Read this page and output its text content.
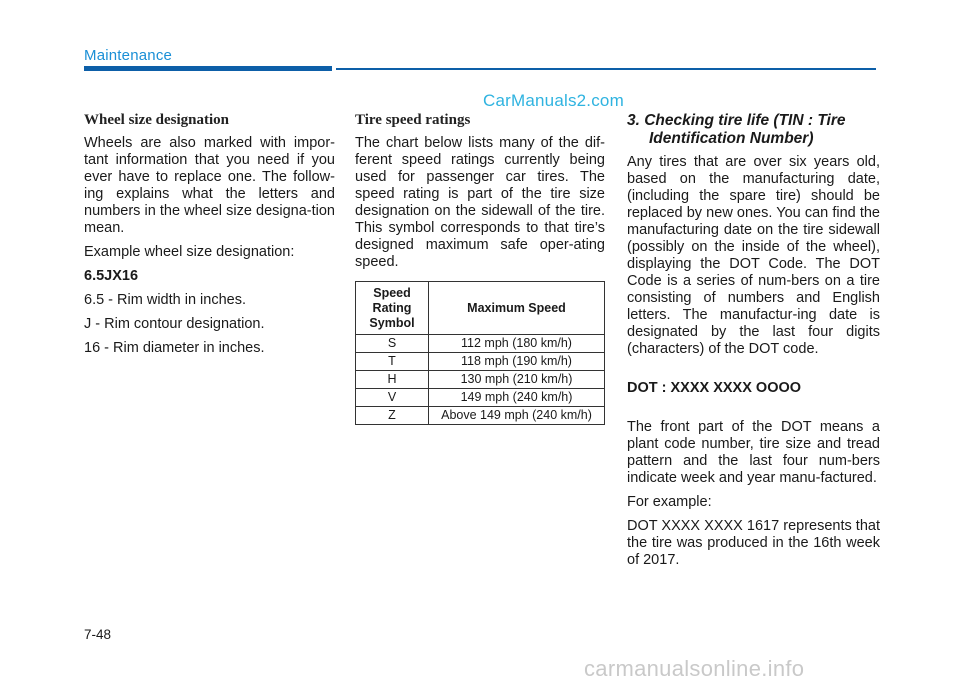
Maintenance
CarManuals2.com
Wheel size designation

Wheels are also marked with impor-tant information that you need if you ever have to replace one. The follow-ing explains what the letters and numbers in the wheel size designa-tion mean.

Example wheel size designation:

6.5JX16

6.5 - Rim width in inches.

J - Rim contour designation.

16 - Rim diameter in inches.

Tire speed ratings

The chart below lists many of the dif-ferent speed ratings currently being used for passenger car tires. The speed rating is part of the tire size designation on the sidewall of the tire. This symbol corresponds to that tire’s designed maximum safe oper-ating speed.

Speed Rating Symbol	Maximum Speed
S	112 mph (180 km/h)
T	118 mph (190 km/h)
H	130 mph (210 km/h)
V	149 mph (240 km/h)
Z	Above 149 mph (240 km/h)
3. Checking tire life (TIN : Tire Identification Number)

Any tires that are over six years old, based on the manufacturing date, (including the spare tire) should be replaced by new ones. You can find the manufacturing date on the tire sidewall (possibly on the inside of the wheel), displaying the DOT Code. The DOT Code is a series of num-bers on a tire consisting of numbers and English letters. The manufactur-ing date is designated by the last four digits (characters) of the DOT code.

DOT : XXXX XXXX OOOO

The front part of the DOT means a plant code number, tire size and tread pattern and the last four num-bers indicate week and year manu-factured.

For example:

DOT XXXX XXXX 1617 represents that the tire was produced in the 16th week of 2017.

7-48
carmanualsonline.info
